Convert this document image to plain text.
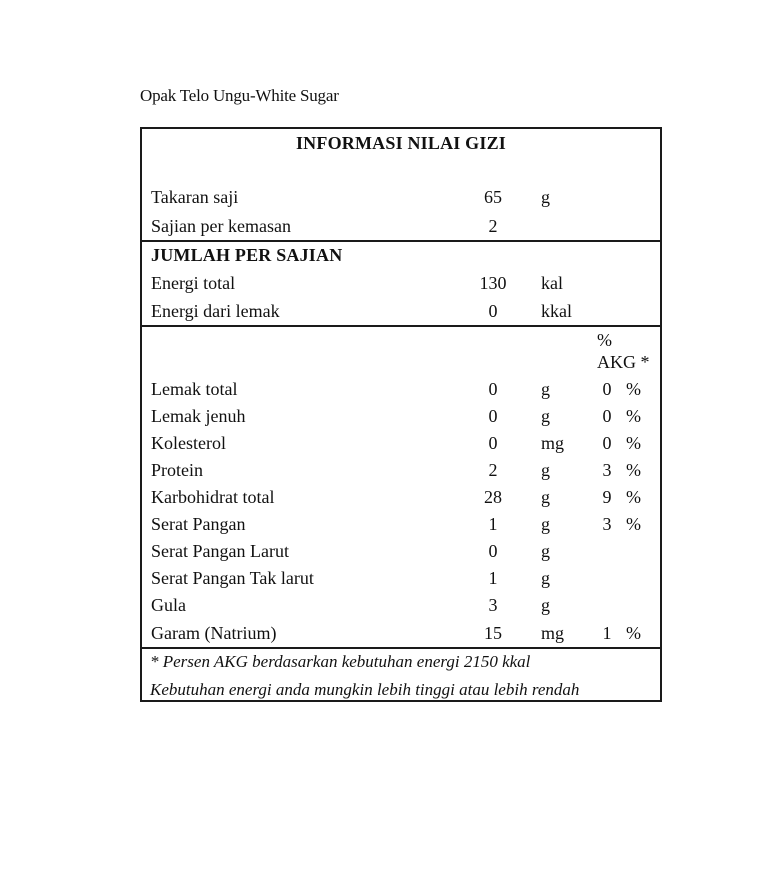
Opak Telo Ungu-White Sugar
INFORMASI NILAI GIZI
Takaran saji	65	g
Sajian per kemasan	2
JUMLAH PER SAJIAN
Energi total	130	kal
Energi dari lemak	0	kkal
%
AKG *
Lemak total	0	g	0 %
Lemak jenuh	0	g	0 %
Kolesterol	0	mg 0 %
Protein	2	g	3 %
Karbohidrat total	28	g	9 %
Serat Pangan	1	g	3 %
Serat Pangan Larut	0	g
Serat Pangan Tak larut	1	g
Gula	3	g
Garam (Natrium)	15	mg 1 %
* Persen AKG berdasarkan kebutuhan energi 2150 kkal
Kebutuhan energi anda mungkin lebih tinggi atau lebih rendah
